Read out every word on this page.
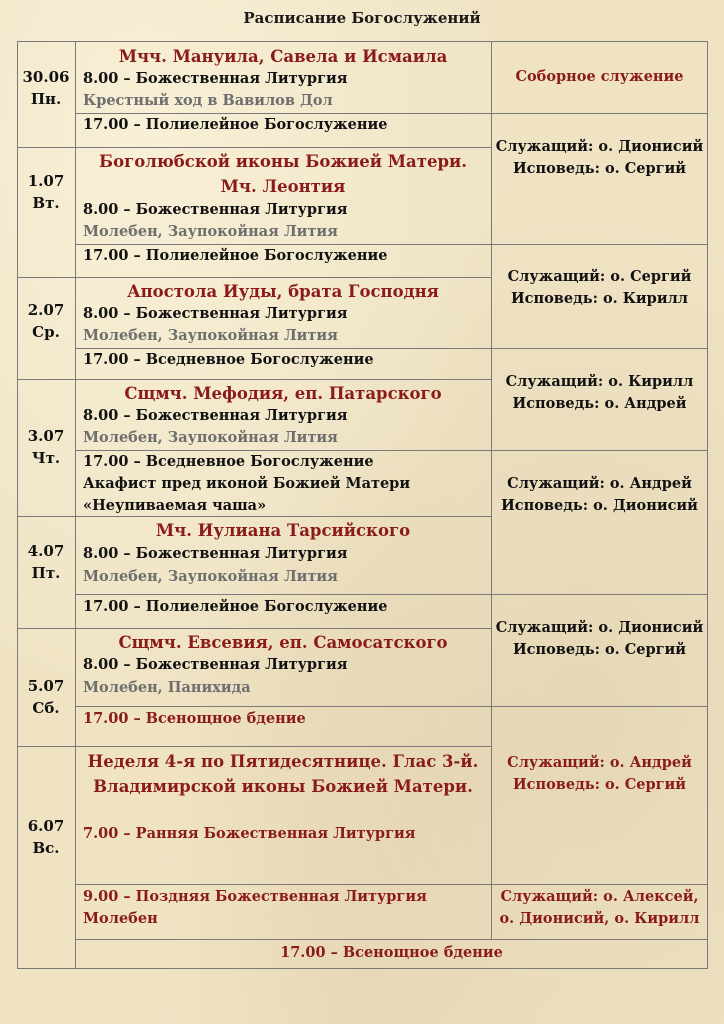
Расписание Богослужений
30.06
Пн.
1.07
Вт.
2.07
Ср.
3.07
Чт.
4.07
Пт.
5.07
Сб.
6.07
Вс.
Мчч. Мануила, Савела и Исмаила
8.00 – Божественная Литургия
Крестный ход в Вавилов Дол
17.00 – Полиелейное Богослужение
Боголюбской иконы Божией Матери.
Мч. Леонтия
8.00 – Божественная Литургия
Молебен, Заупокойная Лития
17.00 – Полиелейное Богослужение
Апостола Иуды, брата Господня
8.00 – Божественная Литургия
Молебен, Заупокойная Лития
17.00 – Вседневное Богослужение
Сщмч. Мефодия, еп. Патарского
8.00 – Божественная Литургия
Молебен, Заупокойная Лития
17.00 – Вседневное Богослужение
Акафист пред иконой Божией Матери
«Неупиваемая чаша»
Мч. Иулиана Тарсийского
8.00 – Божественная Литургия
Молебен, Заупокойная Лития
17.00 – Полиелейное Богослужение
Сщмч. Евсевия, еп. Самосатского
8.00 – Божественная Литургия
Молебен, Панихида
17.00 – Всенощное бдение
Неделя 4-я по Пятидесятнице. Глас 3-й.
Владимирской иконы Божией Матери.
7.00 – Ранняя Божественная Литургия
9.00 – Поздняя Божественная Литургия
Молебен
Соборное служение
Служащий: о. Дионисий
Исповедь: о. Сергий
Служащий: о. Сергий
Исповедь: о. Кирилл
Служащий: о. Кирилл
Исповедь: о. Андрей
Служащий: о. Андрей
Исповедь: о. Дионисий
Служащий: о. Дионисий
Исповедь: о. Сергий
Служащий: о. Андрей
Исповедь: о. Сергий
Служащий: о. Алексей,
о. Дионисий, о. Кирилл
17.00 – Всенощное бдение
